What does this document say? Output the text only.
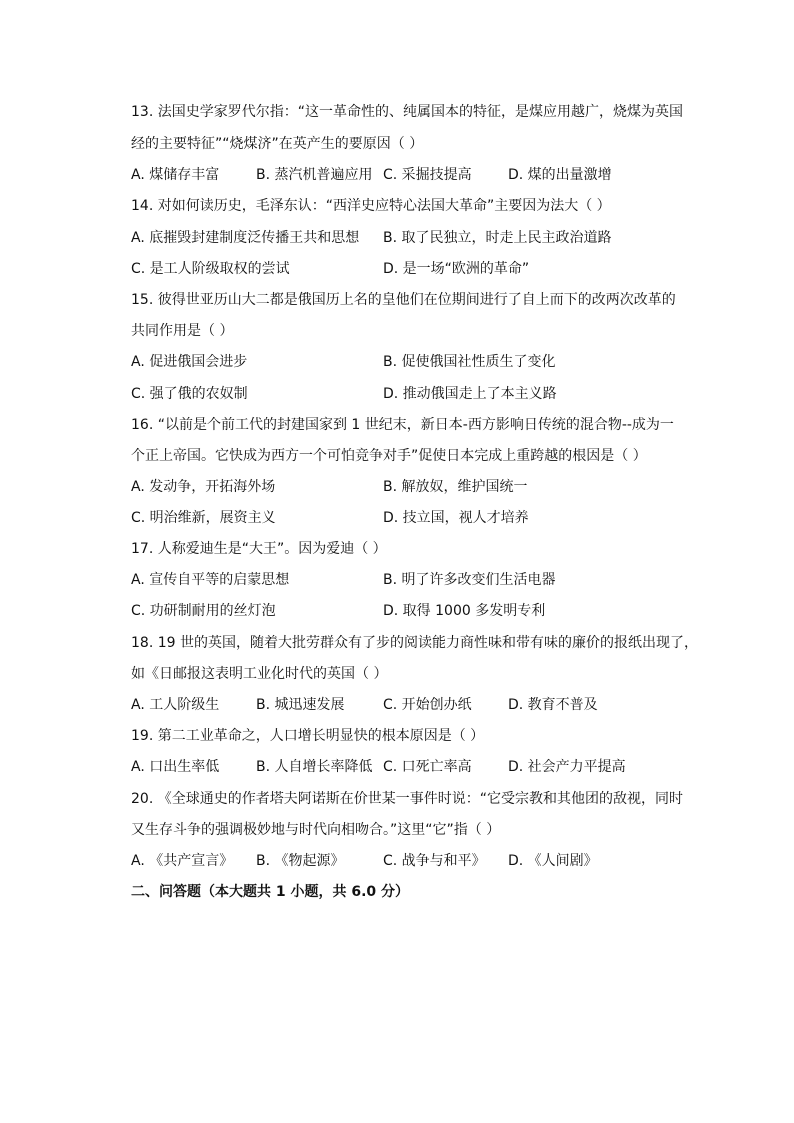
13. 法国史学家罗代尔指：“这一革命性的、纯属国本的特征，是煤应用越广，烧煤为英国
经的主要特征”“烧煤济”在英产生的要原因（ ）
A. 煤储存丰富	B. 蒸汽机普遍应用 C. 采掘技提高	D. 煤的出量激增
14. 对如何读历史，毛泽东认：“西洋史应特心法国大革命”主要因为法大（ ）
A. 底摧毁封建制度泛传播王共和思想 B. 取了民独立，时走上民主政治道路
C. 是工人阶级取权的尝试	D. 是一场“欧洲的革命”
15. 彼得世亚历山大二都是俄国历上名的皇他们在位期间进行了自上而下的改两次改革的
共同作用是（ ）
A. 促进俄国会进步	B. 促使俄国社性质生了变化
C. 强了俄的农奴制	D. 推动俄国走上了本主义路
16. “以前是个前工代的封建国家到 1 世纪末，新日本-西方影响日传统的混合物--成为一
个正上帝国。它快成为西方一个可怕竞争对手”促使日本完成上重跨越的根因是（ ）
A. 发动争，开拓海外场	B. 解放奴，维护国统一
C. 明治维新，展资主义	D. 技立国，视人才培养
17. 人称爱迪生是“大王”。因为爱迪（ ）
A. 宣传自平等的启蒙思想	B. 明了许多改变们生活电器
C. 功研制耐用的丝灯泡	D. 取得 1000 多发明专利
18. 19 世的英国，随着大批劳群众有了步的阅读能力商性味和带有味的廉价的报纸出现了，
如《日邮报这表明工业化时代的英国（ ）
A. 工人阶级生	B. 城迅速发展	C. 开始创办纸	D. 教育不普及
19. 第二工业革命之，人口增长明显快的根本原因是（ ）
A. 口出生率低	B. 人自增长率降低 C. 口死亡率高	D. 社会产力平提高
20. 《全球通史的作者塔夫阿诺斯在价世某一事件时说：“它受宗教和其他团的敌视，同时
又生存斗争的强调极妙地与时代向相吻合。”这里“它”指（ ）
A. 《共产宣言》 B. 《物起源》	C. 战争与和平》 D. 《人间剧》
二、问答题（本大题共 1 小题，共 6.0 分）
